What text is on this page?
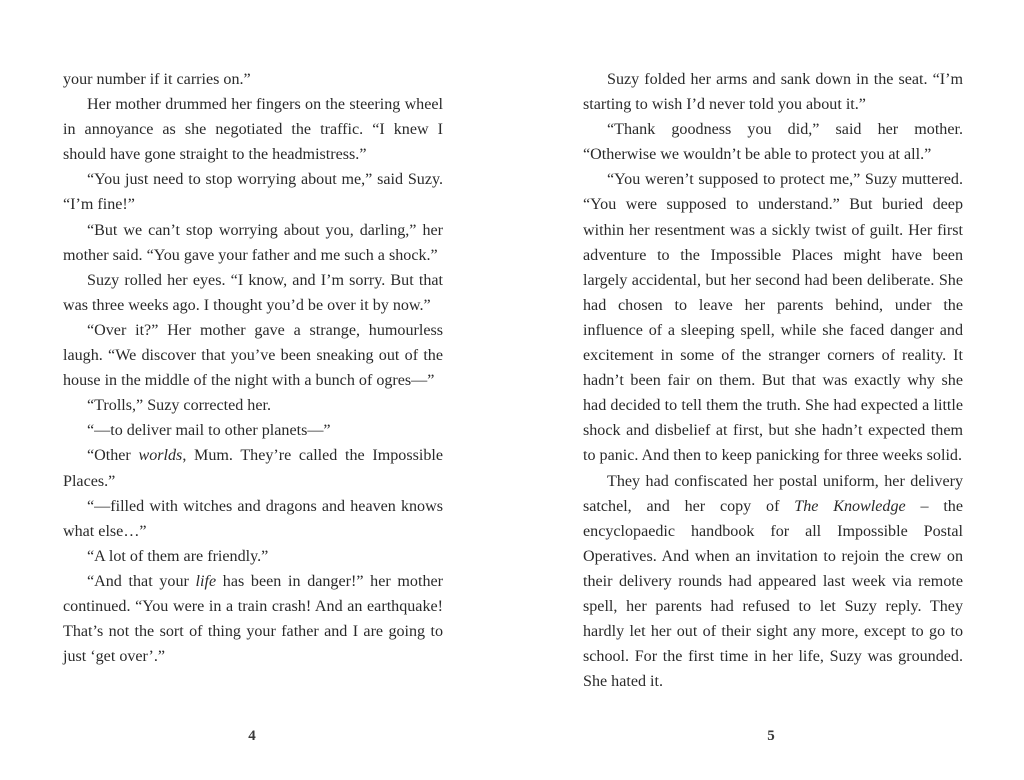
your number if it carries on.”

Her mother drummed her fingers on the steering wheel in annoyance as she negotiated the traffic. “I knew I should have gone straight to the headmistress.”

“You just need to stop worrying about me,” said Suzy. “I’m fine!”

“But we can’t stop worrying about you, darling,” her mother said. “You gave your father and me such a shock.”

Suzy rolled her eyes. “I know, and I’m sorry. But that was three weeks ago. I thought you’d be over it by now.”

“Over it?” Her mother gave a strange, humourless laugh. “We discover that you’ve been sneaking out of the house in the middle of the night with a bunch of ogres—”

“Trolls,” Suzy corrected her.

“—to deliver mail to other planets—”

“Other worlds, Mum. They’re called the Impossible Places.”

“—filled with witches and dragons and heaven knows what else…”

“A lot of them are friendly.”

“And that your life has been in danger!” her mother continued. “You were in a train crash! And an earthquake! That’s not the sort of thing your father and I are going to just ‘get over’.”

4

Suzy folded her arms and sank down in the seat. “I’m starting to wish I’d never told you about it.”

“Thank goodness you did,” said her mother. “Otherwise we wouldn’t be able to protect you at all.”

“You weren’t supposed to protect me,” Suzy muttered. “You were supposed to understand.” But buried deep within her resentment was a sickly twist of guilt. Her first adventure to the Impossible Places might have been largely accidental, but her second had been deliberate. She had chosen to leave her parents behind, under the influence of a sleeping spell, while she faced danger and excitement in some of the stranger corners of reality. It hadn’t been fair on them. But that was exactly why she had decided to tell them the truth. She had expected a little shock and disbelief at first, but she hadn’t expected them to panic. And then to keep panicking for three weeks solid.

They had confiscated her postal uniform, her delivery satchel, and her copy of The Knowledge – the encyclopaedic handbook for all Impossible Postal Operatives. And when an invitation to rejoin the crew on their delivery rounds had appeared last week via remote spell, her parents had refused to let Suzy reply. They hardly let her out of their sight any more, except to go to school. For the first time in her life, Suzy was grounded. She hated it.

5
